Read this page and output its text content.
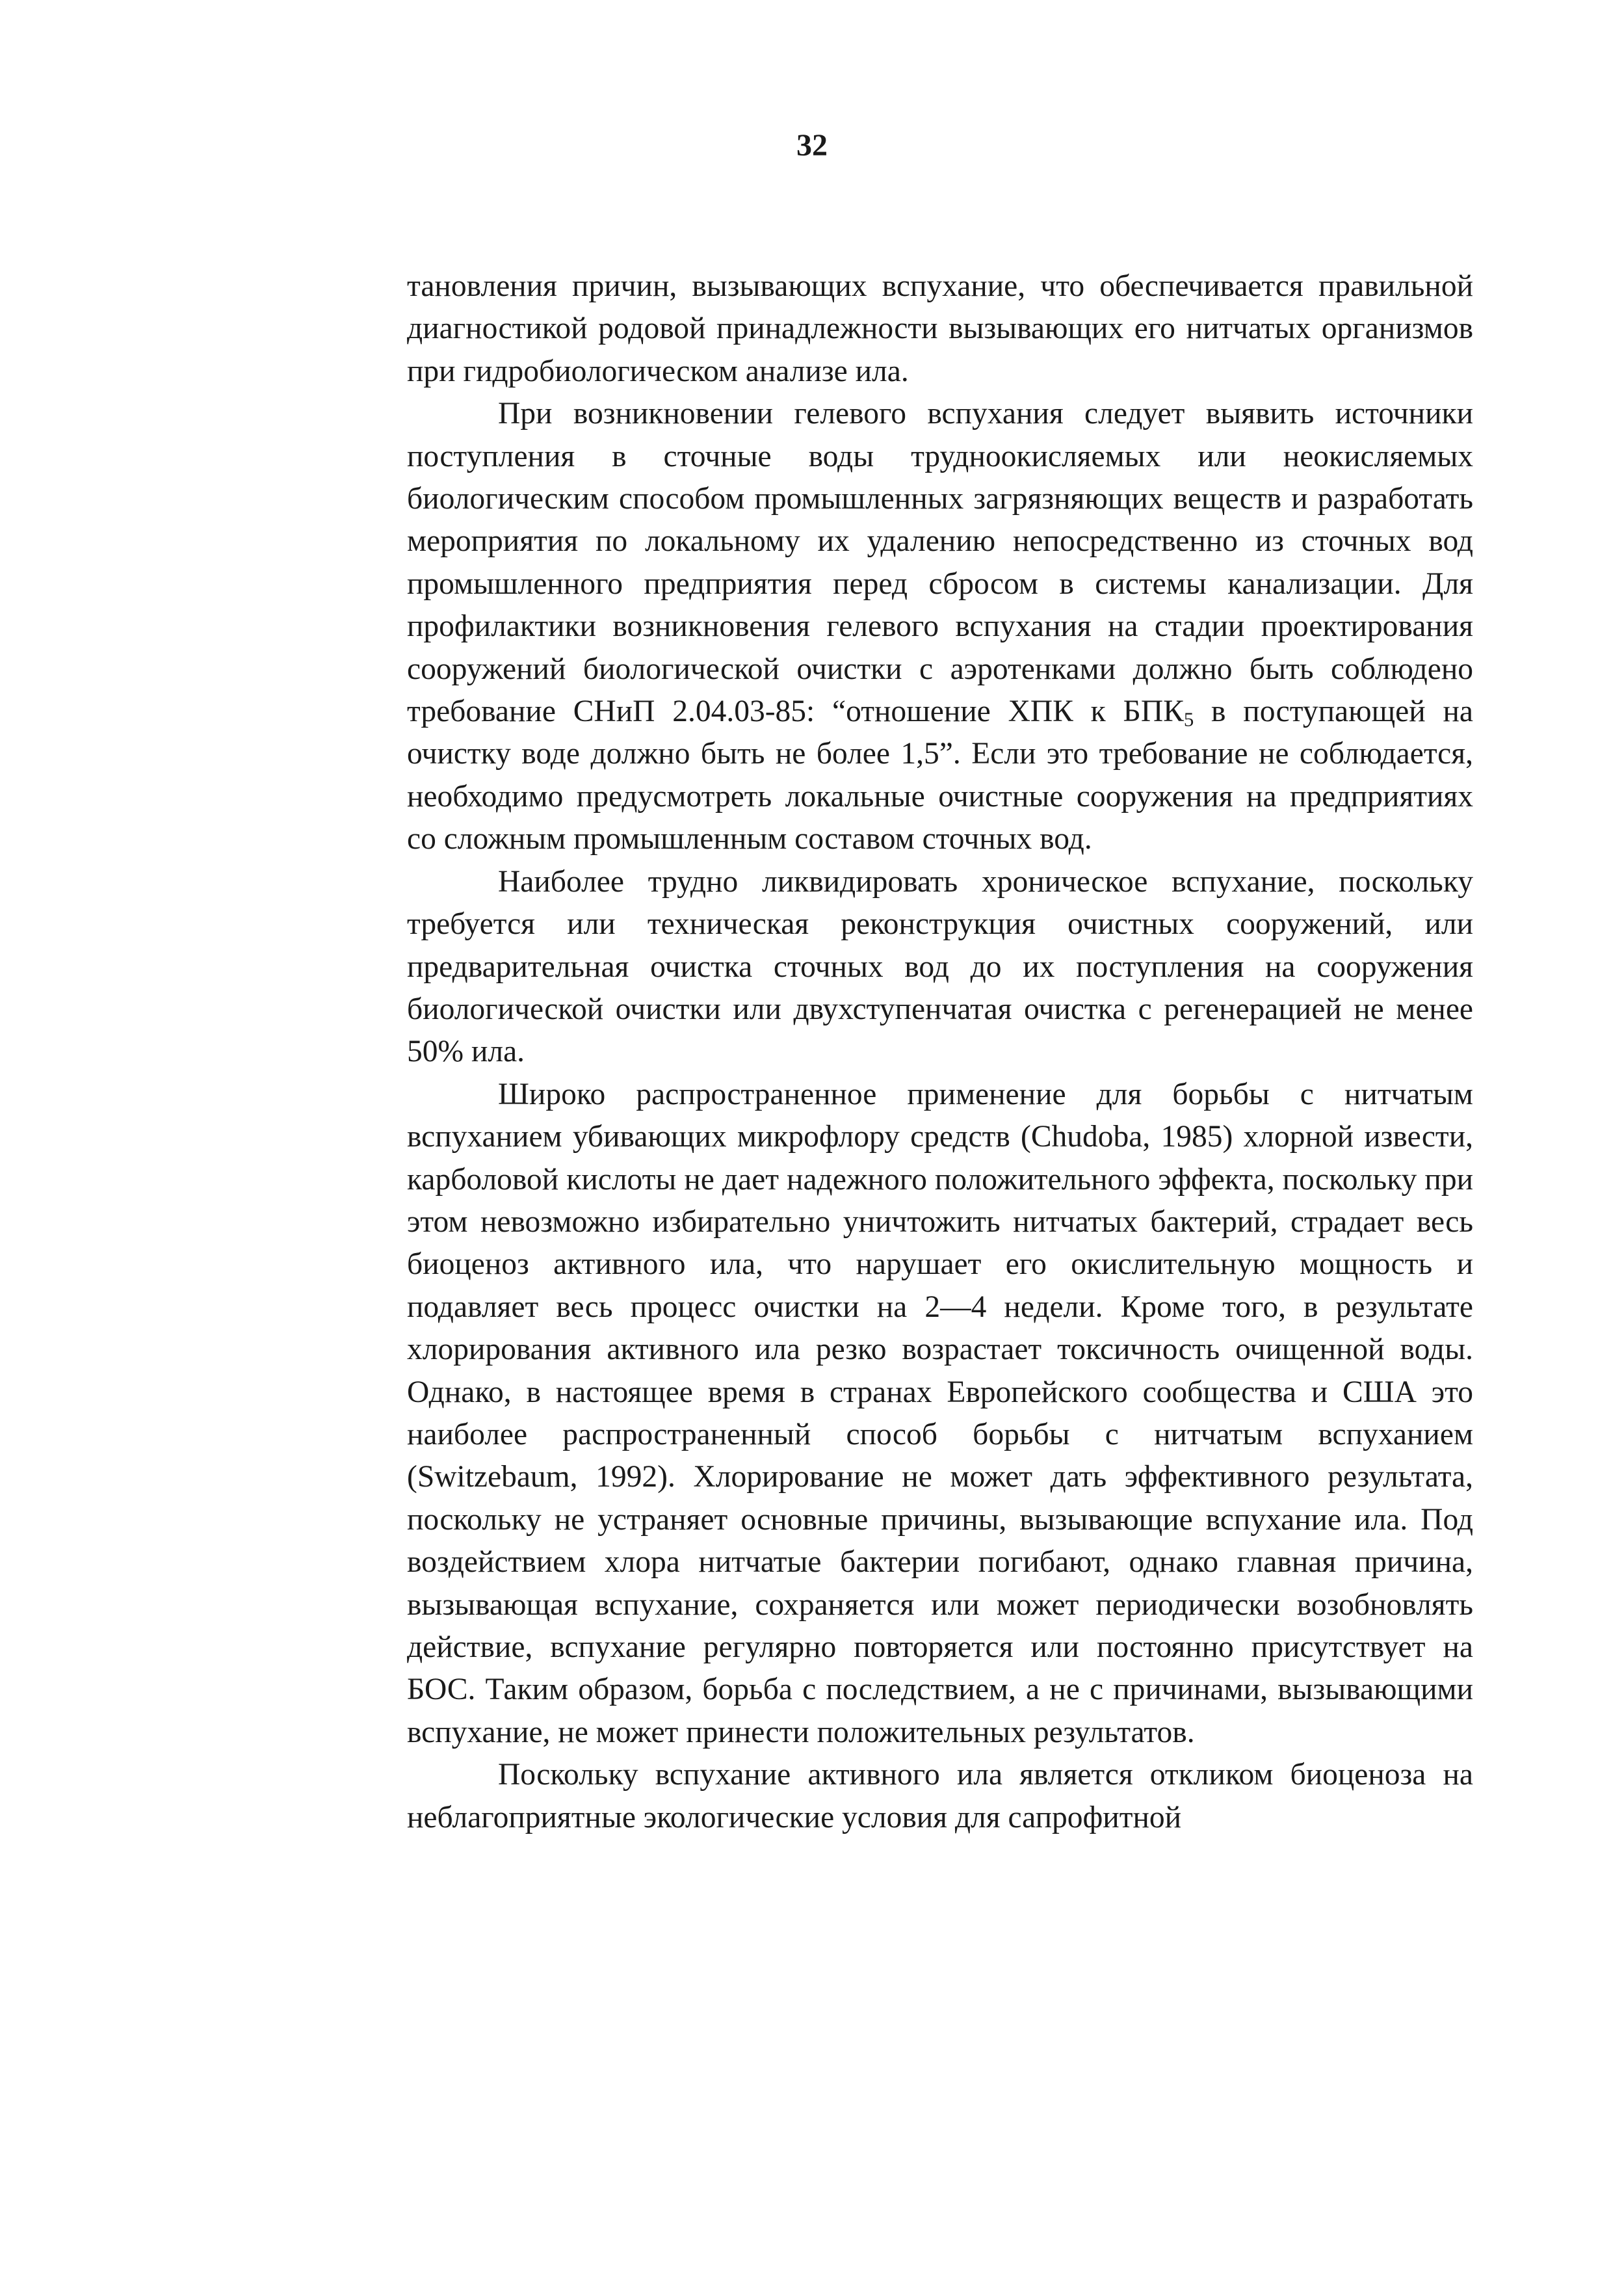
32

тановления причин, вызывающих вспухание, что обеспечивается правильной диагностикой родовой принадлежности вызывающих его нитчатых организмов при гидробиологическом анализе ила.

При возникновении гелевого вспухания следует выявить источники поступления в сточные воды трудноокисляемых или неокисляемых биологическим способом промышленных загрязняющих веществ и разработать мероприятия по локальному их удалению непосредственно из сточных вод промышленного предприятия перед сбросом в системы канализации. Для профилактики возникновения гелевого вспухания на стадии проектирования сооружений биологической очистки с аэротенками должно быть соблюдено требование СНиП 2.04.03-85: “отношение ХПК к $БПК_5$ в поступающей на очистку воде должно быть не более 1,5”. Если это требование не соблюдается, необходимо предусмотреть локальные очистные сооружения на предприятиях со сложным промышленным составом сточных вод.

Наиболее трудно ликвидировать хроническое вспухание, поскольку требуется или техническая реконструкция очистных сооружений, или предварительная очистка сточных вод до их поступления на сооружения биологической очистки или двухступенчатая очистка с регенерацией не менее 50% ила.

Широко распространенное применение для борьбы с нитчатым вспуханием убивающих микрофлору средств (Chudoba, 1985) хлорной извести, карболовой кислоты не дает надежного положительного эффекта, поскольку при этом невозможно избирательно уничтожить нитчатых бактерий, страдает весь биоценоз активного ила, что нарушает его окислительную мощность и подавляет весь процесс очистки на 2—4 недели. Кроме того, в результате хлорирования активного ила резко возрастает токсичность очищенной воды. Однако, в настоящее время в странах Европейского сообщества и США это наиболее распространенный способ борьбы с нитчатым вспуханием (Switzebaum, 1992). Хлорирование не может дать эффективного результата, поскольку не устраняет основные причины, вызывающие вспухание ила. Под воздействием хлора нитчатые бактерии погибают, однако главная причина, вызывающая вспухание, сохраняется или может периодически возобновлять действие, вспухание регулярно повторяется или постоянно присутствует на БОС. Таким образом, борьба с последствием, а не с причинами, вызывающими вспухание, не может принести положительных результатов.

Поскольку вспухание активного ила является откликом биоценоза на неблагоприятные экологические условия для сапрофитной
